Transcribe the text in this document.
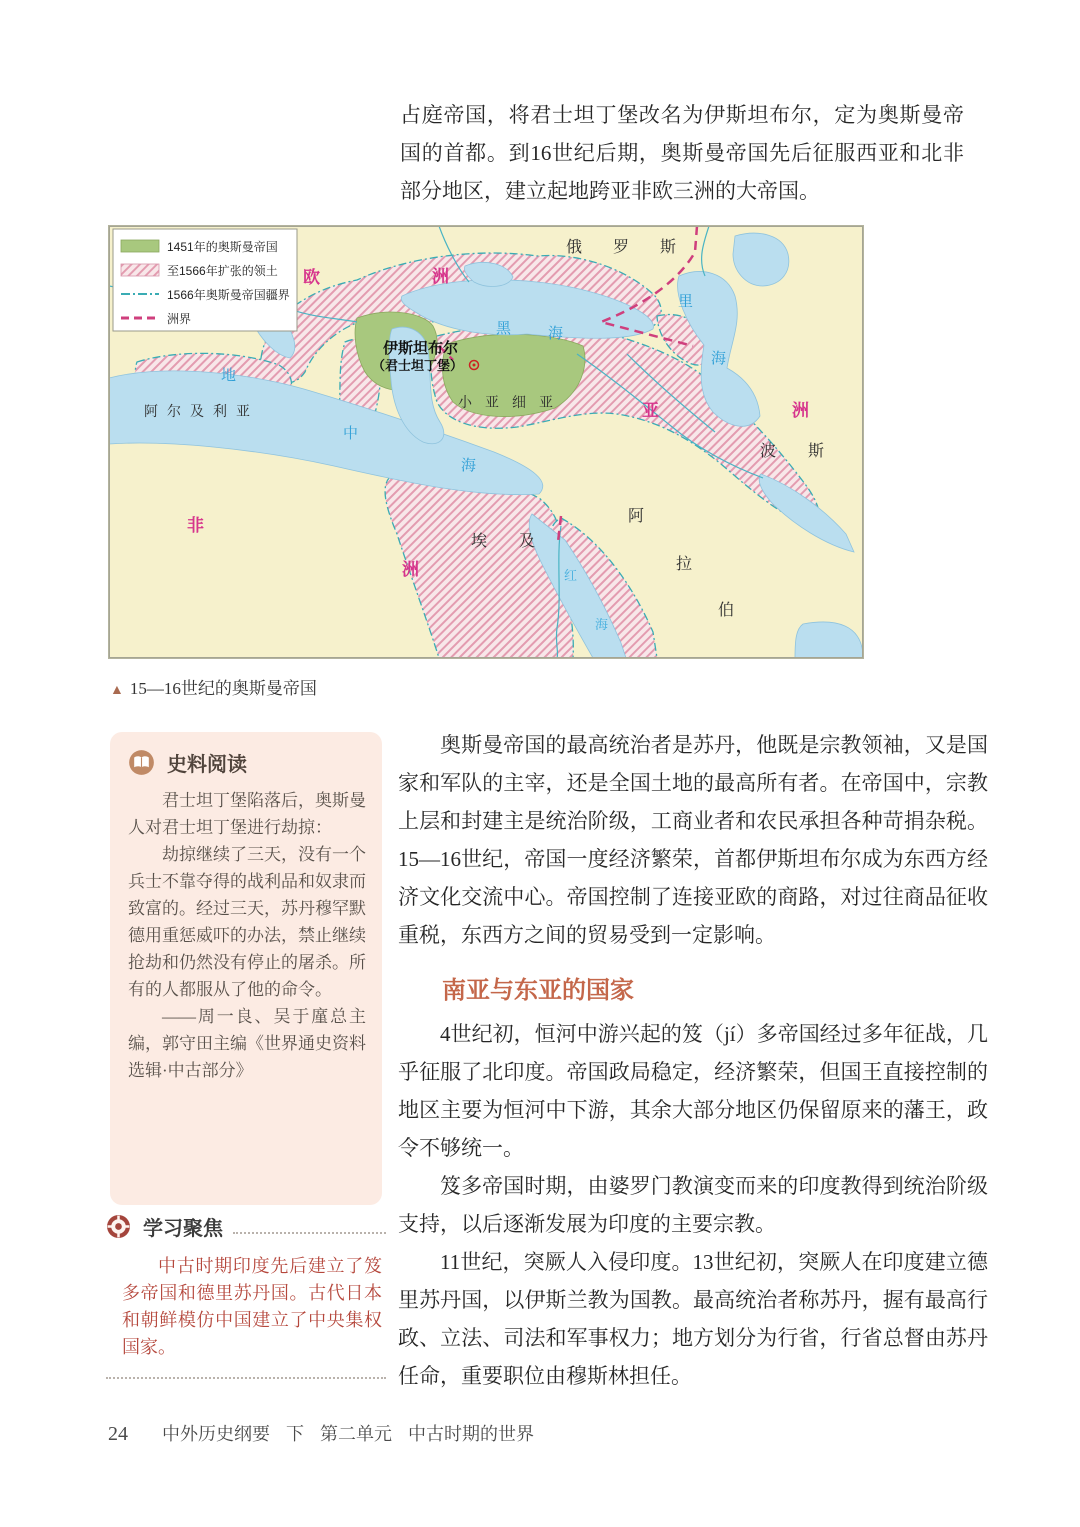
占庭帝国，将君士坦丁堡改名为伊斯坦布尔，定为奥斯曼帝国的首都。到16世纪后期，奥斯曼帝国先后征服西亚和北非部分地区，建立起地跨亚非欧三洲的大帝国。
1451年的奥斯曼帝国
至1566年扩张的领土
1566年奥斯曼帝国疆界
洲界
欧	洲
亚	洲
非
洲
俄 罗 斯
波 斯
埃 及
阿
拉
伯
阿尔及利亚
小亚细亚
黑 海
里
海
地
中
海
红
海
伊斯坦布尔
（君士坦丁堡）
▲ 15—16世纪的奥斯曼帝国
史料阅读

君士坦丁堡陷落后，奥斯曼人对君士坦丁堡进行劫掠：

劫掠继续了三天，没有一个兵士不靠夺得的战利品和奴隶而致富的。经过三天，苏丹穆罕默德用重惩威吓的办法，禁止继续抢劫和仍然没有停止的屠杀。所有的人都服从了他的命令。

——周一良、吴于廑总主编，郭守田主编《世界通史资料选辑·中古部分》

学习聚焦

中古时期印度先后建立了笈多帝国和德里苏丹国。古代日本和朝鲜模仿中国建立了中央集权国家。

奥斯曼帝国的最高统治者是苏丹，他既是宗教领袖，又是国家和军队的主宰，还是全国土地的最高所有者。在帝国中，宗教上层和封建主是统治阶级，工商业者和农民承担各种苛捐杂税。15—16世纪，帝国一度经济繁荣，首都伊斯坦布尔成为东西方经济文化交流中心。帝国控制了连接亚欧的商路，对过往商品征收重税，东西方之间的贸易受到一定影响。

南亚与东亚的国家

4世纪初，恒河中游兴起的笈（jí）多帝国经过多年征战，几乎征服了北印度。帝国政局稳定，经济繁荣，但国王直接控制的地区主要为恒河中下游，其余大部分地区仍保留原来的藩王，政令不够统一。

笈多帝国时期，由婆罗门教演变而来的印度教得到统治阶级支持，以后逐渐发展为印度的主要宗教。

11世纪，突厥人入侵印度。13世纪初，突厥人在印度建立德里苏丹国，以伊斯兰教为国教。最高统治者称苏丹，握有最高行政、立法、司法和军事权力；地方划分为行省，行省总督由苏丹任命，重要职位由穆斯林担任。

24 中外历史纲要 下 第二单元 中古时期的世界
